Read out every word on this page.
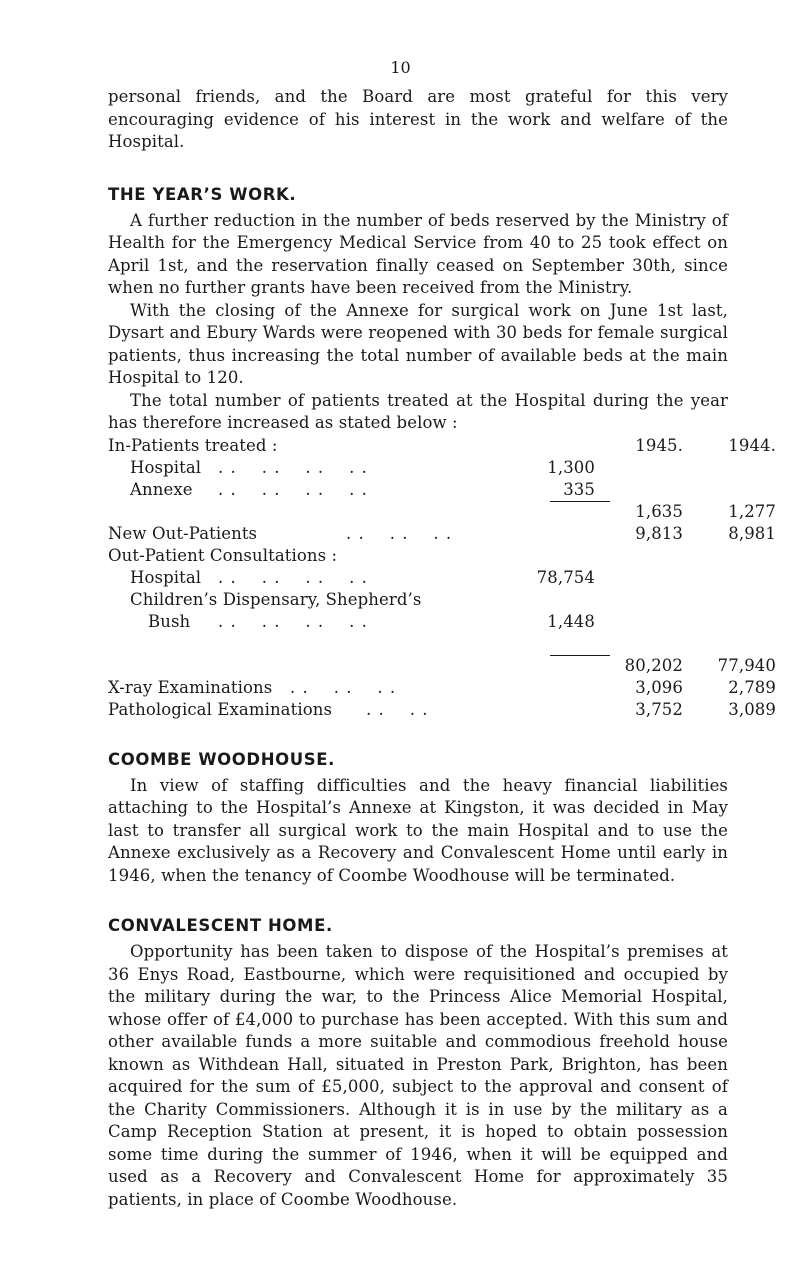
10

personal friends, and the Board are most grateful for this very encouraging evidence of his interest in the work and welfare of the Hospital.

THE YEAR’S WORK.

A further reduction in the number of beds reserved by the Ministry of Health for the Emergency Medical Service from 40 to 25 took effect on April 1st, and the reservation finally ceased on September 30th, since when no further grants have been received from the Ministry.

With the closing of the Annexe for surgical work on June 1st last, Dysart and Ebury Wards were reopened with 30 beds for female surgical patients, thus increasing the total number of available beds at the main Hospital to 120.

The total number of patients treated at the Hospital during the year has therefore increased as stated below :

In-Patients treated :	1945.	1944.
Hospital . .    . .    . .    . .	1,300
Annexe . .    . .    . .    . .	335
1,635	1,277
New Out-Patients	. .    . .    . .	9,813	8,981
Out-Patient Consultations :
Hospital . .    . .    . .    . .	78,754
Children’s Dispensary, Shepherd’s
Bush . .    . .    . .    . .	1,448
80,202	77,940
X-ray Examinations . .    . .    . .	3,096	2,789
Pathological Examinations . .    . .	3,752	3,089
COOMBE WOODHOUSE.

In view of staffing difficulties and the heavy financial liabilities attaching to the Hospital’s Annexe at Kingston, it was decided in May last to transfer all surgical work to the main Hospital and to use the Annexe exclusively as a Recovery and Convalescent Home until early in 1946, when the tenancy of Coombe Woodhouse will be terminated.

CONVALESCENT HOME.

Opportunity has been taken to dispose of the Hospital’s premises at 36 Enys Road, Eastbourne, which were requisitioned and occupied by the military during the war, to the Princess Alice Memorial Hospital, whose offer of £4,000 to purchase has been accepted. With this sum and other available funds a more suitable and commodious freehold house known as Withdean Hall, situated in Preston Park, Brighton, has been acquired for the sum of £5,000, subject to the approval and consent of the Charity Commissioners. Although it is in use by the military as a Camp Reception Station at present, it is hoped to obtain possession some time during the summer of 1946, when it will be equipped and used as a Recovery and Convalescent Home for approximately 35 patients, in place of Coombe Woodhouse.
